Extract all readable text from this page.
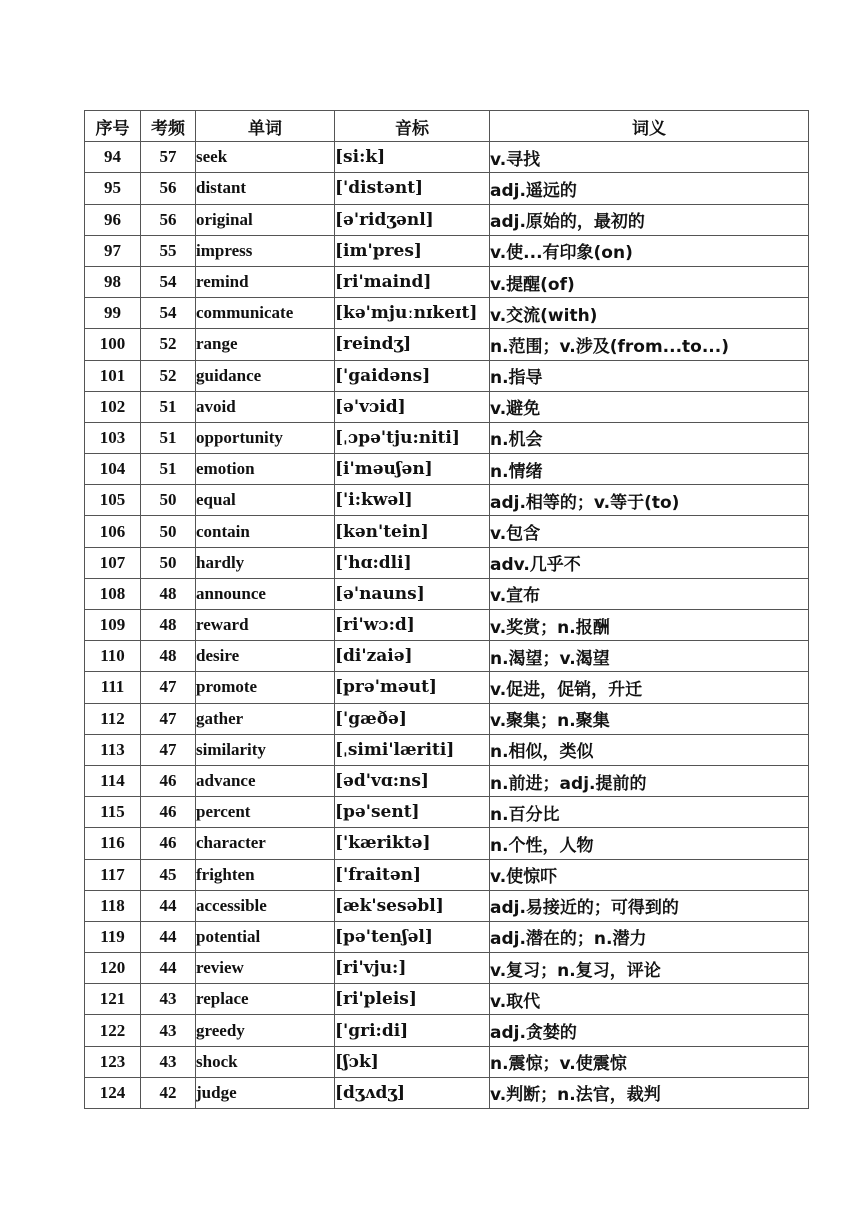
序号	考频	单词	音标	词义
94	57	seek	[si:k]	v.寻找
95	56	distant	['distənt]	adj.遥远的
96	56	original	[ə'ridʒənl]	adj.原始的，最初的
97	55	impress	[im'pres]	v.使...有印象(on)
98	54	remind	[ri'maind]	v.提醒(of)
99	54	communicate	[kə'mjuːnɪkeɪt]	v.交流(with)
100	52	range	[reindʒ]	n.范围；v.涉及(from...to...)
101	52	guidance	['gaidəns]	n.指导
102	51	avoid	[ə'vɔid]	v.避免
103	51	opportunity	[ˌɔpə'tju:niti]	n.机会
104	51	emotion	[i'məuʃən]	n.情绪
105	50	equal	['i:kwəl]	adj.相等的；v.等于(to)
106	50	contain	[kən'tein]	v.包含
107	50	hardly	['hɑ:dli]	adv.几乎不
108	48	announce	[ə'nauns]	v.宣布
109	48	reward	[ri'wɔ:d]	v.奖赏；n.报酬
110	48	desire	[di'zaiə]	n.渴望；v.渴望
111	47	promote	[prə'məut]	v.促进，促销，升迁
112	47	gather	['gæðə]	v.聚集；n.聚集
113	47	similarity	[ˌsimi'læriti]	n.相似，类似
114	46	advance	[əd'vɑ:ns]	n.前进；adj.提前的
115	46	percent	[pə'sent]	n.百分比
116	46	character	['kæriktə]	n.个性，人物
117	45	frighten	['fraitən]	v.使惊吓
118	44	accessible	[æk'sesəbl]	adj.易接近的；可得到的
119	44	potential	[pə'tenʃəl]	adj.潜在的；n.潜力
120	44	review	[ri'vju:]	v.复习；n.复习，评论
121	43	replace	[ri'pleis]	v.取代
122	43	greedy	['gri:di]	adj.贪婪的
123	43	shock	[ʃɔk]	n.震惊；v.使震惊
124	42	judge	[dʒʌdʒ]	v.判断；n.法官，裁判
